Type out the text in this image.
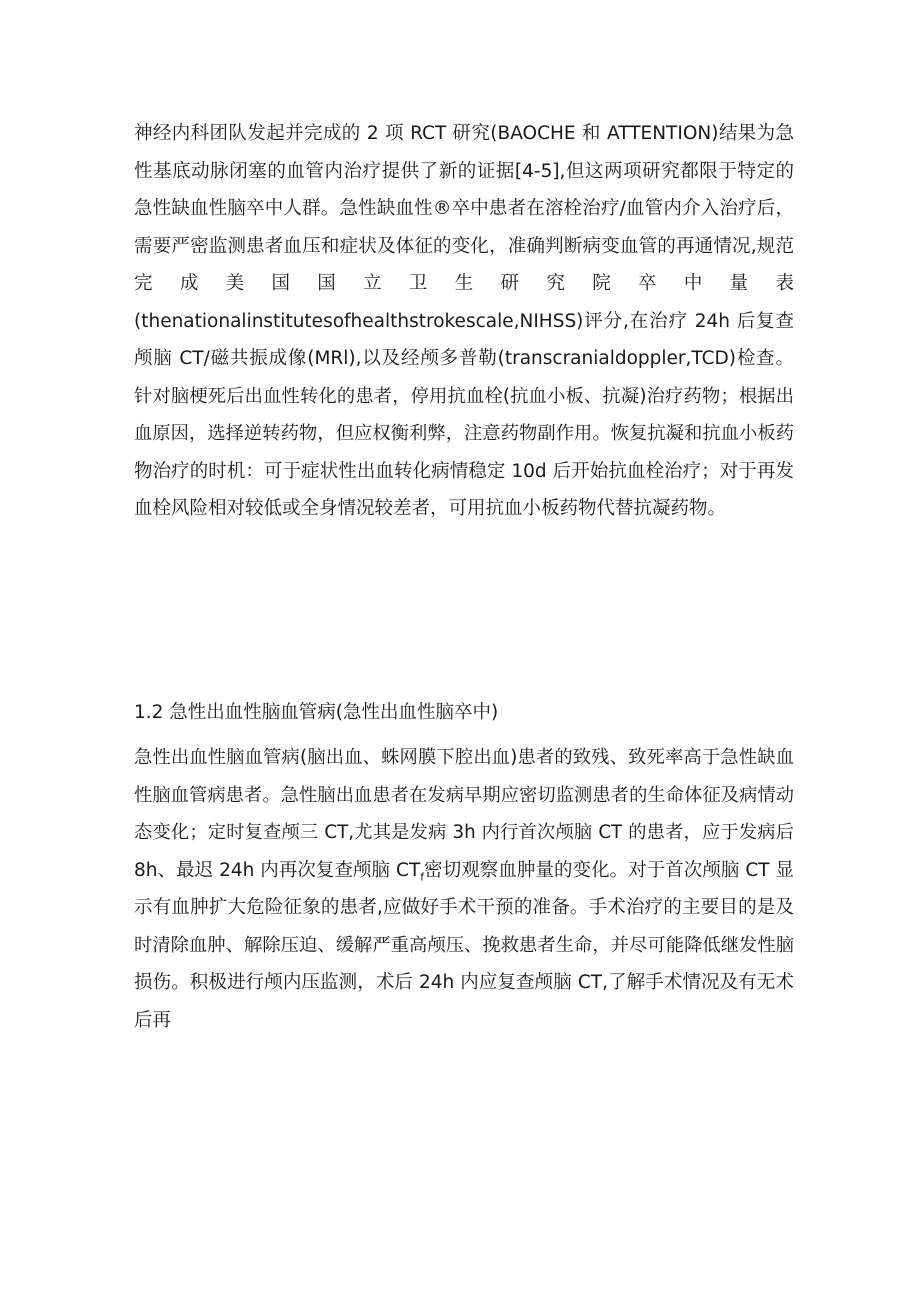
神经内科团队发起并完成的 2 项 RCT 研究(BAOCHE 和 ATTENTION)结果为急
性基底动脉闭塞的血管内治疗提供了新的证据[4-5],但这两项研究都限于特定的
急性缺血性脑卒中人群。急性缺血性®卒中患者在溶栓治疗/血管内介入治疗后，
需要严密监测患者血压和症状及体征的变化，准确判断病变血管的再通情况,规范
完 成 美 国 国 立 卫 生 研 究 院 卒 中 量 表
(thenationalinstitutesofhealthstrokescale,NIHSS)评分,在治疗 24h 后复查
颅脑 CT/磁共振成像(MRl),以及经颅多普勒(transcranialdoppler,TCD)检查。
针对脑梗死后出血性转化的患者，停用抗血栓(抗血小板、抗凝)治疗药物；根据出
血原因，选择逆转药物，但应权衡利弊，注意药物副作用。恢复抗凝和抗血小板药
物治疗的时机：可于症状性出血转化病情稳定 10d 后开始抗血栓治疗；对于再发
血栓风险相对较低或全身情况较差者，可用抗血小板药物代替抗凝药物。
1.2 急性出血性脑血管病(急性出血性脑卒中)
急性出血性脑血管病(脑出血、蛛网膜下腔出血)患者的致残、致死率高于急性缺血
性脑血管病患者。急性脑出血患者在发病早期应密切监测患者的生命体征及病情动
态变化；定时复查颅三 CT,尤其是发病 3h 内行首次颅脑 CT 的患者，应于发病后
8h、最迟 24h 内再次复查颅脑 $CT_f$密切观察血肿量的变化。对于首次颅脑 CT 显
示有血肿扩大危险征象的患者,应做好手术干预的准备。手术治疗的主要目的是及
时清除血肿、解除压迫、缓解严重高颅压、挽救患者生命，并尽可能降低继发性脑
损伤。积极进行颅内压监测，术后 24h 内应复查颅脑 CT,了解手术情况及有无术
后再
